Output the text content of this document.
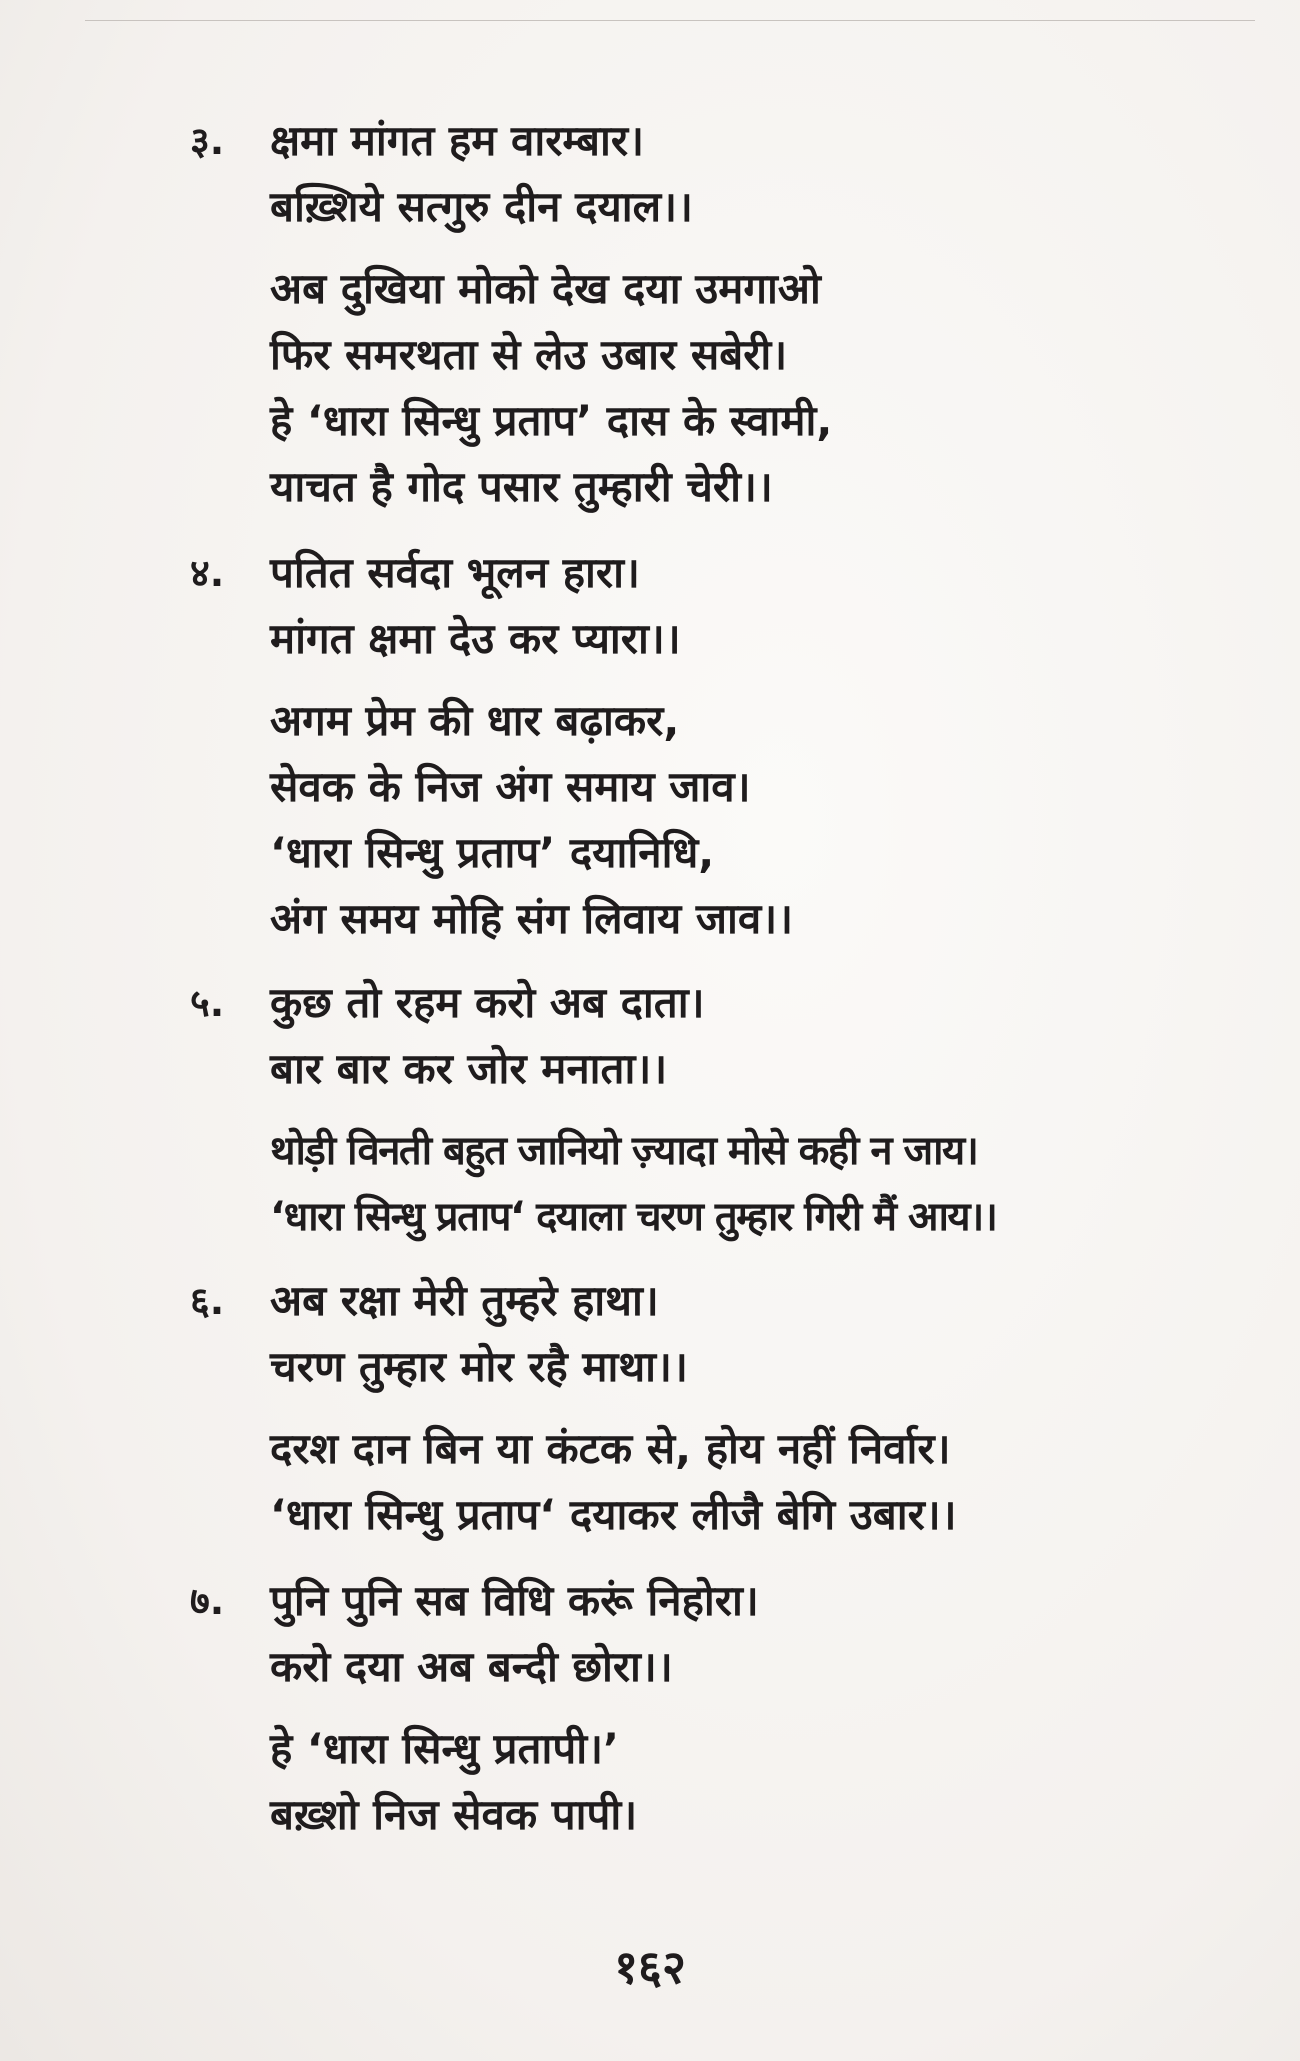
३.	क्षमा मांगत हम वारम्बार।
बख़्शिये सत्गुरु दीन दयाल।।
अब दुखिया मोको देख दया उमगाओ
फिर समरथता से लेउ उबार सबेरी।
हे ‘धारा सिन्धु प्रताप’ दास के स्वामी,
याचत है गोद पसार तुम्हारी चेरी।।
४.	पतित सर्वदा भूलन हारा।
मांगत क्षमा देउ कर प्यारा।।
अगम प्रेम की धार बढ़ाकर,
सेवक के निज अंग समाय जाव।
‘धारा सिन्धु प्रताप’ दयानिधि,
अंग समय मोहि संग लिवाय जाव।।
५.	कुछ तो रहम करो अब दाता।
बार बार कर जोर मनाता।।
थोड़ी विनती बहुत जानियो ज़्यादा मोसे कही न जाय।
‘धारा सिन्धु प्रताप‘ दयाला चरण तुम्हार गिरी मैं आय।।
६.	अब रक्षा मेरी तुम्हरे हाथा।
चरण तुम्हार मोर रहै माथा।।
दरश दान बिन या कंटक से, होय नहीं निर्वार।
‘धारा सिन्धु प्रताप‘ दयाकर लीजै बेगि उबार।।
७.	पुनि पुनि सब विधि करूं निहोरा।
करो दया अब बन्दी छोरा।।
हे ‘धारा सिन्धु प्रतापी।’
बख़्शो निज सेवक पापी।
१६२
